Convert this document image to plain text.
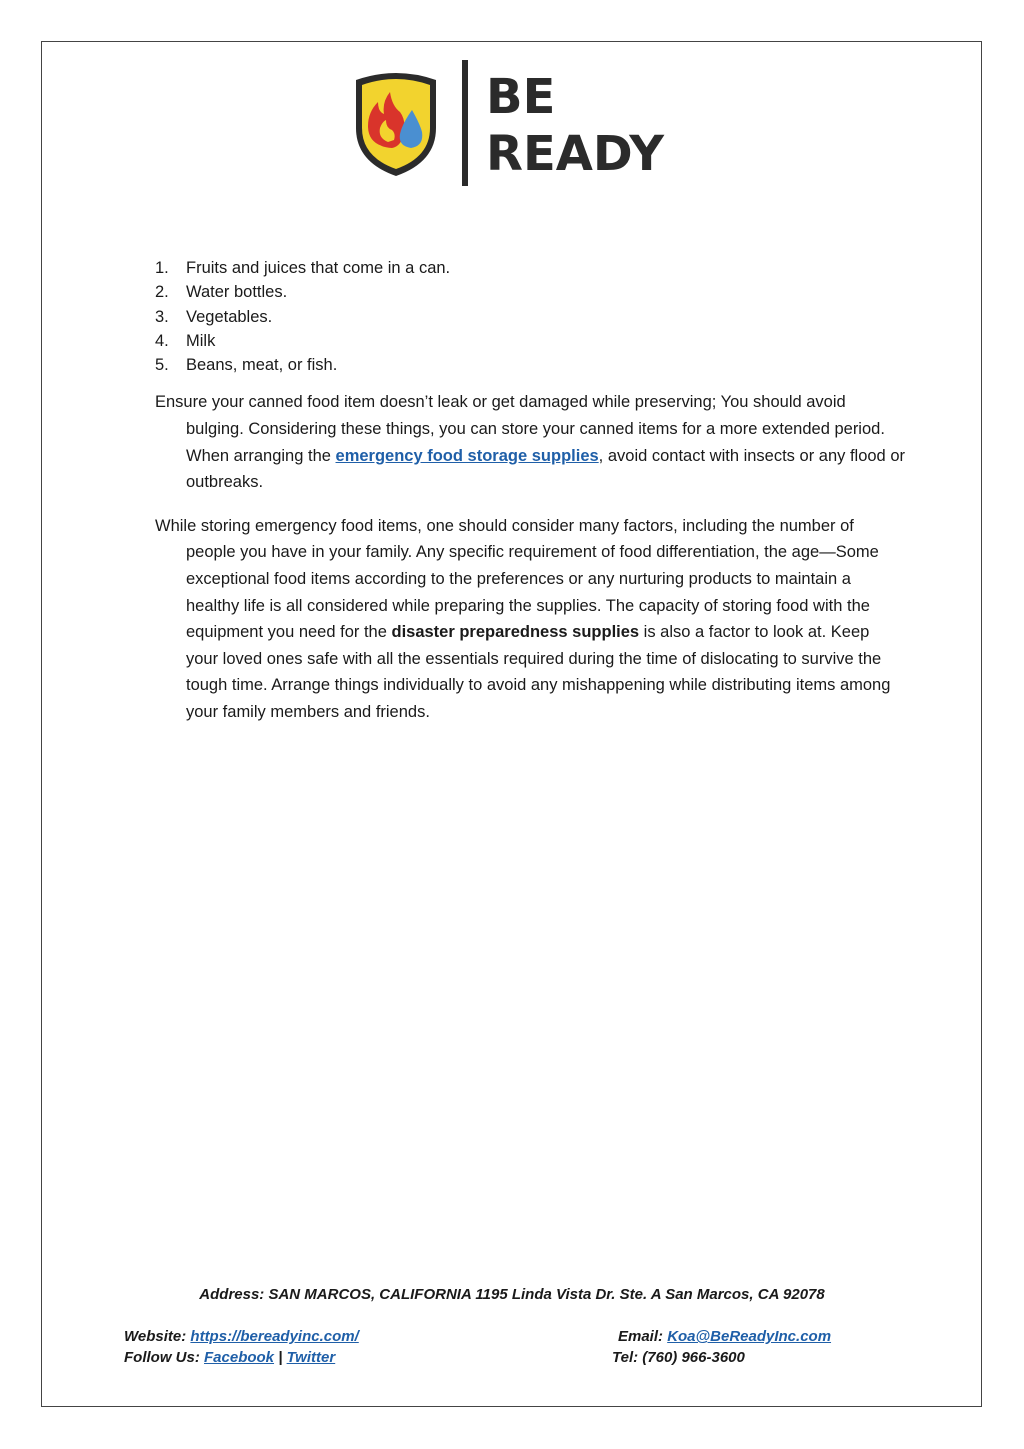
BE
READY
1. Fruits and juices that come in a can.
2. Water bottles.
3. Vegetables.
4. Milk
5. Beans, meat, or fish.

Ensure your canned food item doesn’t leak or get damaged while preserving; You should avoid bulging. Considering these things, you can store your canned items for a more extended period. When arranging the emergency food storage supplies, avoid contact with insects or any flood or outbreaks.

While storing emergency food items, one should consider many factors, including the number of people you have in your family. Any specific requirement of food differentiation, the age—Some exceptional food items according to the preferences or any nurturing products to maintain a healthy life is all considered while preparing the supplies. The capacity of storing food with the equipment you need for the disaster preparedness supplies is also a factor to look at. Keep your loved ones safe with all the essentials required during the time of dislocating to survive the tough time. Arrange things individually to avoid any mishappening while distributing items among your family members and friends.

Address: SAN MARCOS, CALIFORNIA 1195 Linda Vista Dr. Ste. A San Marcos, CA 92078
Website: https://bereadyinc.com/	Email: Koa@BeReadyInc.com
Follow Us: Facebook | Twitter	Tel: (760) 966-3600
